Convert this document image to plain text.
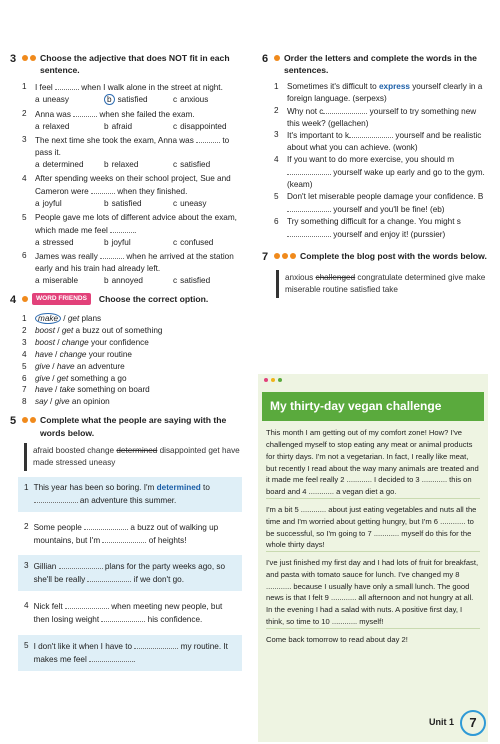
3	Choose the adjective that does NOT fit in each sentence.
1	I feel	when I walk alone in the street at night.
a uneasy	b satisfied	c anxious
2	Anna was	when she failed the exam.
a relaxed	b afraid	c disappointed
3	The next time she took the exam, Anna was	to pass it.
a determined	b relaxed	c satisfied
4	After spending weeks on their school project, Sue and Cameron were	when they finished.
a joyful	b satisfied	c uneasy
5	People gave me lots of different advice about the exam, which made me feel	.
a stressed	b joyful	c confused
6	James was really	when he arrived at the station early and his train had already left.
a miserable	b annoyed	c satisfied
4	WORD FRIENDS	Choose the correct option.
1	make / get plans
2	boost / get a buzz out of something
3	boost / change your confidence
4	have / change your routine
5	give / have an adventure
6	give / get something a go
7	have / take something on board
8	say / give an opinion
5	Complete what the people are saying with the words below.
afraid boosted change determined disappointed get have made stressed uneasy
1 This year has been so boring. I'm determined to
an adventure this summer.
2 Some people	a buzz out of walking up mountains, but I'm	of heights!
3 Gillian	plans for the party weeks ago, so she'll be really	if we don't go.
4 Nick felt	when meeting new people, but then losing weight	his confidence.
5 I don't like it when I have to	my routine. It makes me feel	.
6 Order the letters and complete the words in the sentences.
1	Sometimes it's difficult to express yourself clearly in a foreign language. (serpexs)
2	Why not c	yourself to try something new this week? (gellachen)
3	It's important to k	yourself and be realistic about what you can achieve. (wonk)
4	If you want to do more exercise, you should m yourself wake up early and go to the gym. (keam)
5	Don't let miserable people damage your confidence. B yourself and you'll be fine! (eb)
6	Try something difficult for a change. You might s yourself and enjoy it! (purssier)
7	Complete the blog post with the words below.
anxious challenged congratulate determined give make miserable routine satisfied take
My thirty-day vegan challenge

This month I am getting out of my comfort zone! How? I've challenged myself to stop eating any meat or animal products for thirty days. I'm not a vegetarian. In fact, I really like meat, but recently I read about the way many animals are treated and it made me feel really 2 ............ I decided to 3 ............ this on board and 4 ............ a vegan diet a go.

I'm a bit 5 ............ about just eating vegetables and nuts all the time and I'm worried about getting hungry, but I'm 6 ............ to be successful, so I'm going to 7 ............ myself do this for the whole thirty days!

I've just finished my first day and I had lots of fruit for breakfast, and pasta with tomato sauce for lunch. I've changed my 8 ............ because I usually have only a small lunch. The good news is that I felt 9 ............ all afternoon and not hungry at all. In the evening I had a salad with nuts. A positive first day, I think, so time to 10 ............ myself!

Come back tomorrow to read about day 2!

Unit 1	7
